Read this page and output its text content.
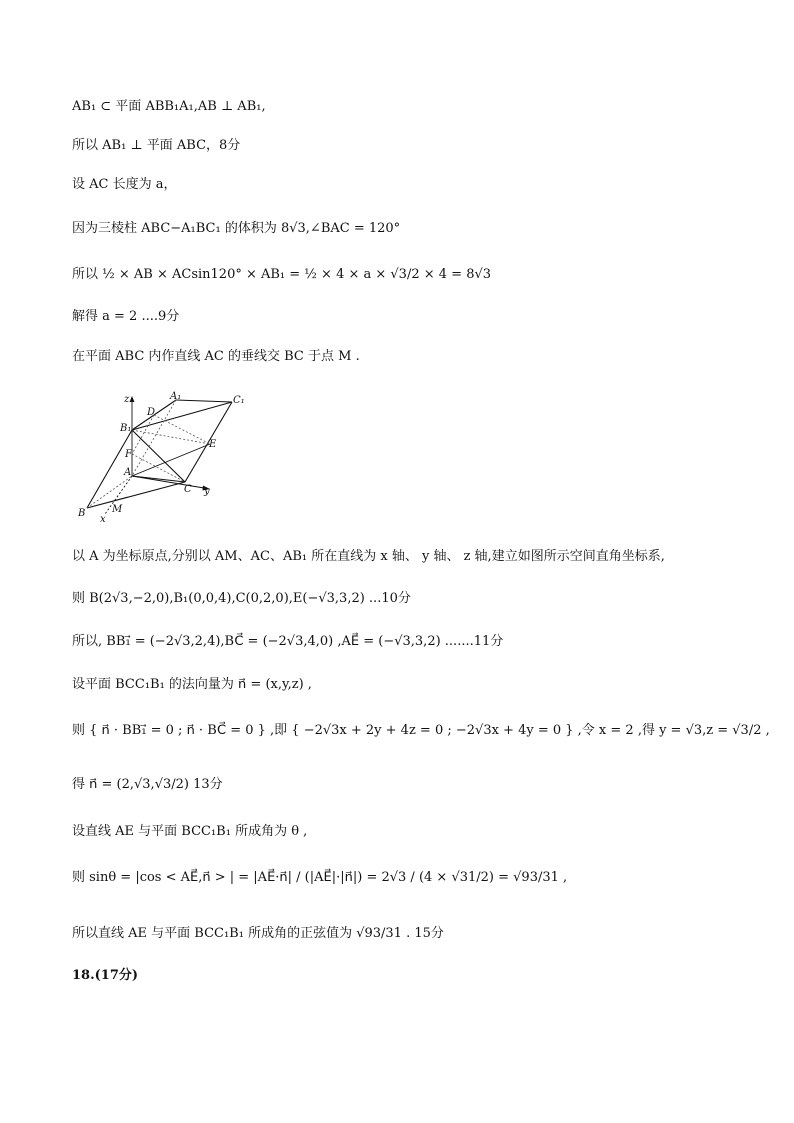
AB₁ ⊂ 平面 ABB₁A₁,AB ⊥ AB₁,
所以 AB₁ ⊥ 平面 ABC，8分
设 AC 长度为 a，
因为三棱柱 ABC−A₁BC₁ 的体积为 8√3,∠BAC = 120°
所以 ½ × AB × ACsin120° × AB₁ = ½ × 4 × a × √3/2 × 4 = 8√3
解得 a = 2 ....9分
在平面 ABC 内作直线 AC 的垂线交 BC 于点 M .
z
D
A₁	C₁
B₁
E
F
A
C y
B	M
x
以 A 为坐标原点,分别以 AM、AC、AB₁ 所在直线为 x 轴、 y 轴、 z 轴,建立如图所示空间直角坐标系,
则 B(2√3,−2,0),B₁(0,0,4),C(0,2,0),E(−√3,3,2) ...10分
所以, BB₁⃗ = (−2√3,2,4),BC⃗ = (−2√3,4,0) ,AE⃗ = (−√3,3,2) .......11分
设平面 BCC₁B₁ 的法向量为 n⃗ = (x,y,z) ,
则 { n⃗ · BB₁⃗ = 0 ; n⃗ · BC⃗ = 0 } ,即 { −2√3x + 2y + 4z = 0 ; −2√3x + 4y = 0 } ,令 x = 2 ,得 y = √3,z = √3/2 ,
得 n⃗ = (2,√3,√3/2) 13分
设直线 AE 与平面 BCC₁B₁ 所成角为 θ ,
则 sinθ = |cos < AE⃗,n⃗ > | = |AE⃗·n⃗| / (|AE⃗|·|n⃗|) = 2√3 / (4 × √31/2) = √93/31 ,
所以直线 AE 与平面 BCC₁B₁ 所成角的正弦值为 √93/31 . 15分
18.(17分)
